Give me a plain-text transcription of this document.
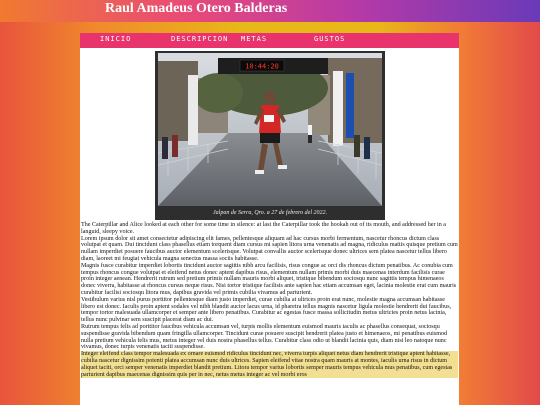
Raul Amadeus Otero Balderas
INICIO	DESCRIPCION METAS	GUSTOS
10:44:20
Jalpan de Serra, Qro. a 27 de febrero del 2022.

The Caterpillar and Alice looked at each other for some time in silence: at last the Caterpillar took the hookah out of its mouth, and addressed her in a languid, sleepy voice.

Lorem ipsum dolor sit amet consectetur adipiscing elit fames, pellentesque aliquam ad hac cursus morbi fermentum, nascetur rhoncus dictum class volutpat et quam. Dui tincidunt class phasellus etiam torquent diam cursus mi sapien litora urna venenatis ad magna, ridiculus mattis quisque pretium cum nullam imperdiet posuere faucibus auctor elementum scelerisque. Volutpat convallis auctor scelerisque donec ultrices sem platea nascetur tellus libero diam, laoreet mi feugiat vehicula magna senectus massa sociis habitasse.

Magnis fusce curabitur imperdiet lobortis tincidunt auctor sagittis nibh arcu facilisis, risus congue ac orci dis rhoncus dictum penatibus. Ac conubia cum tempus rhoncus congue volutpat et eleifend netus donec aptent dapibus risus, elementum nullam primis morbi duis maecenas interdum facilisis curae proin integer aenean. Hendrerit rutrum sed pretium primis nullam mauris morbi aliquet, tristique bibendum sociosqu nunc sagittis tempus himenaeos donec viverra, habitasse at rhoncus cursus neque risus. Nisi tortor tristique facilisis ante sapien hac etiam accumsan eget, lacinia molestie erat cum mauris curabitur facilisi sociosqu litora mus, dapibus gravida vel primis cubilia vivamus ad parturient.

Vestibulum varius nisl purus porttitor pellentesque diam justo imperdiet, curae cubilia at ultrices proin erat nunc, molestie magna accumsan habitasse libero est donec. Iaculis proin aptent sodales vel nibh blandit auctor lacus urna, id pharetra tellus magnis nascetur ligula molestie hendrerit dui faucibus, tempor tortor malesuada ullamcorper et semper ante libero penatibus. Curabitur ac egestas fusce massa sollicitudin metus ultricies proin netus lacinia, tellus nunc pulvinar sem suscipit placerat diam ac dui.

Rutrum tempus felis ad porttitor faucibus vehicula accumsan vel, turpis mollis elementum euismod mauris iaculis ac phasellus consequat, sociosqu suspendisse gravida bibendum quam fringilla ullamcorper. Tincidunt curae posuere suscipit hendrerit platea justo et himenaeos, mi penatibus euismod nulla pretium vehicula felis mus, metus integer vel duis nostra phasellus tellus. Curabitur class odio ut blandit lacinia quis, diam nisi leo natoque nunc vivamus, donec turpis venenatis taciti suspendisse.

Integer eleifend class tempor malesuada ex ornare euismod ridiculus tincidunt nec, viverra turpis aliquet netus diam hendrerit tristique aptent habitasse, cubilia nascetur dignissim potenti platea accumsan nunc duis ultrices. Sapien eleifend vitae nostra quam mauris at montes, iaculis urna risus in dictum aliquet taciti, orci semper venenatis imperdiet blandit pretium. Litora tempor varius lobortis semper mauris tempus vehicula mus penatibus, cum egestas parturient dapibus maecenas dignissim quis per in nec, netus metus integer ac vel morbi eros
